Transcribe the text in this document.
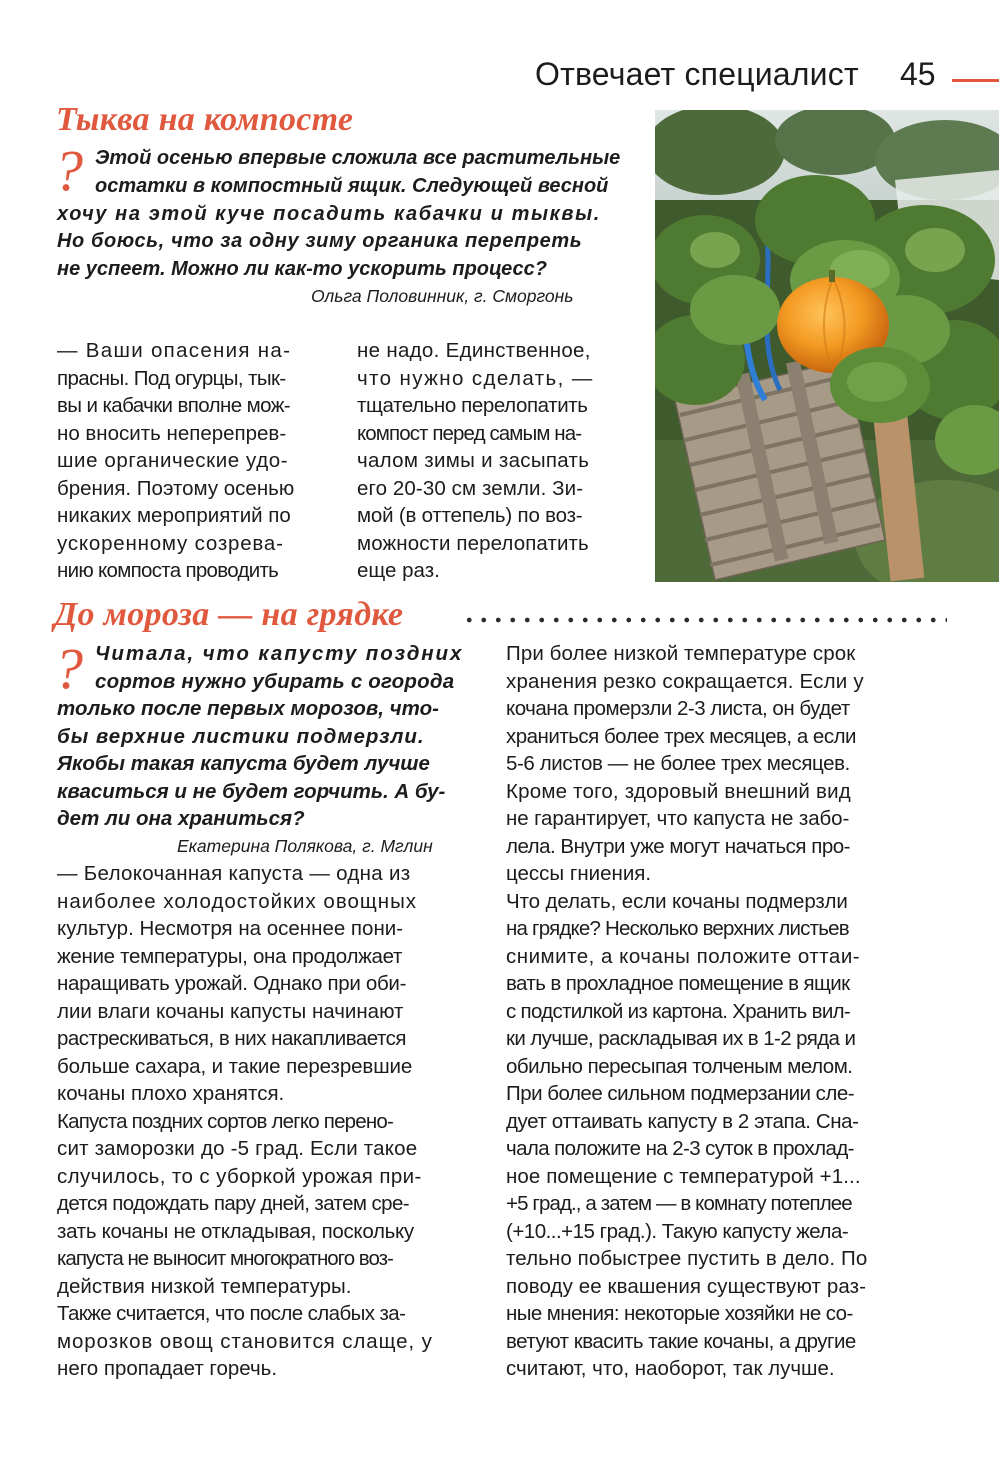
Отвечает специалист 45
Тыква на компосте
? Этой осенью впервые сложила все растительные
остатки в компостный ящик. Следующей весной
хочу на этой куче посадить кабачки и тыквы.
Но боюсь, что за одну зиму органика перепреть
не успеет. Можно ли как-то ускорить процесс?
Ольга Половинник, г. Сморгонь
— Ваши опасения на-
прасны. Под огурцы, тык-
вы и кабачки вполне мож-
но вносить неперепрев-
шие органические удо-
брения. Поэтому осенью
никаких мероприятий по
ускоренному созрева-
нию компоста проводить
не надо. Единственное,
что нужно сделать, —
тщательно перелопатить
компост перед самым на-
чалом зимы и засыпать
его 20-30 см земли. Зи-
мой (в оттепель) по воз-
можности перелопатить
еще раз.
До мороза — на грядке
? Читала, что капусту поздних
сортов нужно убирать с огорода
только после первых морозов, что-
бы верхние листики подмерзли.
Якобы такая капуста будет лучше
кваситься и не будет горчить. А бу-
дет ли она храниться?
Екатерина Полякова, г. Мглин
— Белокочанная капуста — одна из
наиболее холодостойких овощных
культур. Несмотря на осеннее пони-
жение температуры, она продолжает
наращивать урожай. Однако при оби-
лии влаги кочаны капусты начинают
растрескиваться, в них накапливается
больше сахара, и такие перезревшие
кочаны плохо хранятся.
Капуста поздних сортов легко перено-
сит заморозки до -5 град. Если такое
случилось, то с уборкой урожая при-
дется подождать пару дней, затем сре-
зать кочаны не откладывая, поскольку
капуста не выносит многократного воз-
действия низкой температуры.
Также считается, что после слабых за-
морозков овощ становится слаще, у
него пропадает горечь.
При более низкой температуре срок
хранения резко сокращается. Если у
кочана промерзли 2-3 листа, он будет
храниться более трех месяцев, а если
5-6 листов — не более трех месяцев.
Кроме того, здоровый внешний вид
не гарантирует, что капуста не забо-
лела. Внутри уже могут начаться про-
цессы гниения.
Что делать, если кочаны подмерзли
на грядке? Несколько верхних листьев
снимите, а кочаны положите оттаи-
вать в прохладное помещение в ящик
с подстилкой из картона. Хранить вил-
ки лучше, раскладывая их в 1-2 ряда и
обильно пересыпая толченым мелом.
При более сильном подмерзании сле-
дует оттаивать капусту в 2 этапа. Сна-
чала положите на 2-3 суток в прохлад-
ное помещение с температурой +1...
+5 град., а затем — в комнату потеплее
(+10...+15 град.). Такую капусту жела-
тельно побыстрее пустить в дело. По
поводу ее квашения существуют раз-
ные мнения: некоторые хозяйки не со-
ветуют квасить такие кочаны, а другие
считают, что, наоборот, так лучше.
